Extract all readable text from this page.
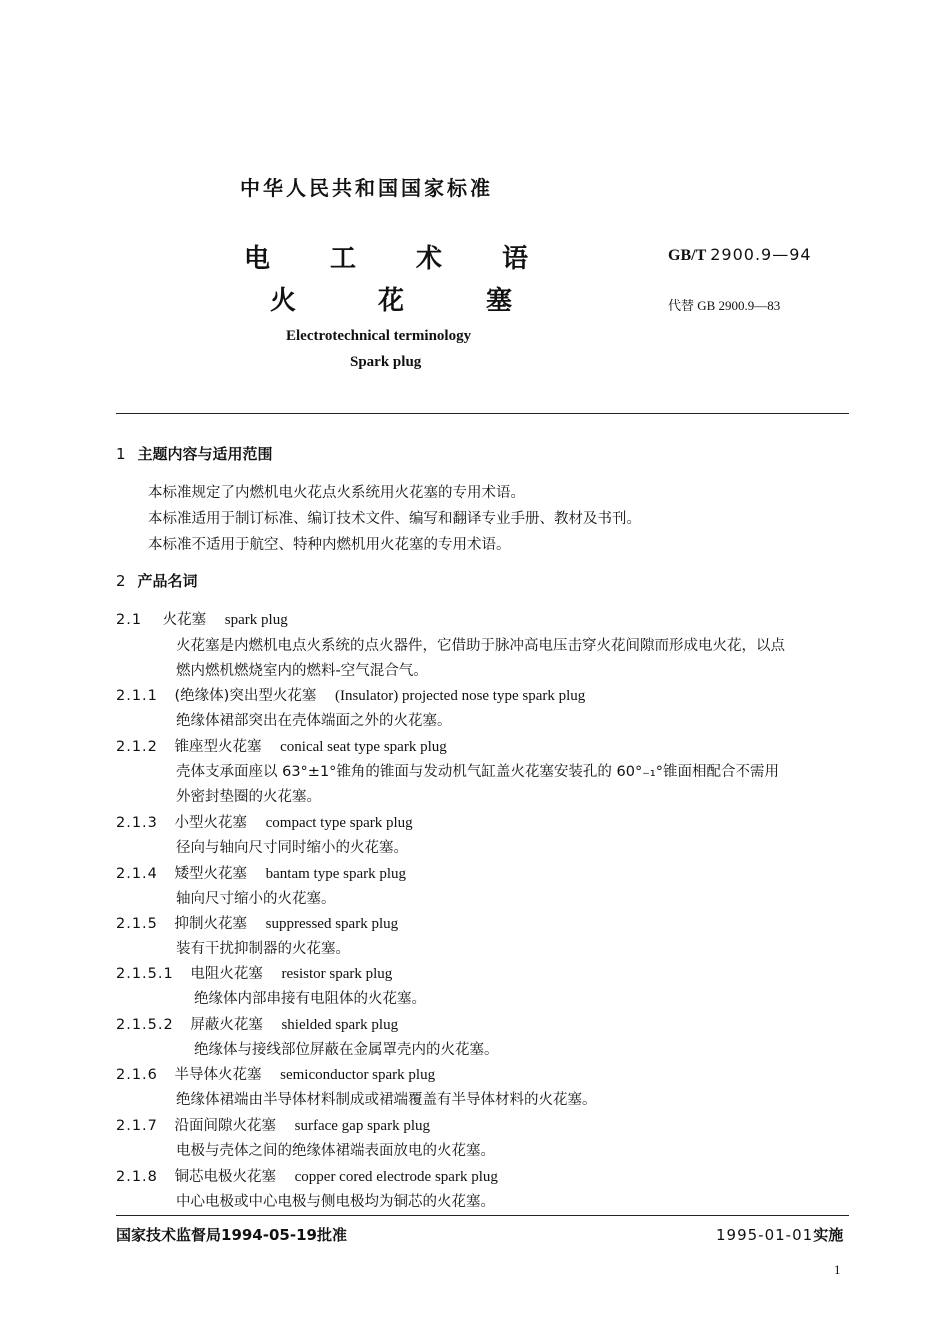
中华人民共和国国家标准
电工术语
火花塞
GB/T 2900.9—94
代替 GB 2900.9—83
Electrotechnical terminology
Spark plug
1 主题内容与适用范围
本标准规定了内燃机电火花点火系统用火花塞的专用术语。
本标准适用于制订标准、编订技术文件、编写和翻译专业手册、教材及书刊。
本标准不适用于航空、特种内燃机用火花塞的专用术语。
2 产品名词
2.1 火花塞 spark plug
火花塞是内燃机电点火系统的点火器件，它借助于脉冲高电压击穿火花间隙而形成电火花，以点
燃内燃机燃烧室内的燃料-空气混合气。
2.1.1 (绝缘体)突出型火花塞 (Insulator) projected nose type spark plug
绝缘体裙部突出在壳体端面之外的火花塞。
2.1.2 锥座型火花塞 conical seat type spark plug
壳体支承面座以 63°±1°锥角的锥面与发动机气缸盖火花塞安装孔的 60°₋₁°锥面相配合不需用
外密封垫圈的火花塞。
2.1.3 小型火花塞 compact type spark plug
径向与轴向尺寸同时缩小的火花塞。
2.1.4 矮型火花塞 bantam type spark plug
轴向尺寸缩小的火花塞。
2.1.5 抑制火花塞 suppressed spark plug
装有干扰抑制器的火花塞。
2.1.5.1 电阻火花塞 resistor spark plug
绝缘体内部串接有电阻体的火花塞。
2.1.5.2 屏蔽火花塞 shielded spark plug
绝缘体与接线部位屏蔽在金属罩壳内的火花塞。
2.1.6 半导体火花塞 semiconductor spark plug
绝缘体裙端由半导体材料制成或裙端覆盖有半导体材料的火花塞。
2.1.7 沿面间隙火花塞 surface gap spark plug
电极与壳体之间的绝缘体裙端表面放电的火花塞。
2.1.8 铜芯电极火花塞 copper cored electrode spark plug
中心电极或中心电极与侧电极均为铜芯的火花塞。
国家技术监督局1994-05-19批准	1995-01-01实施
1
